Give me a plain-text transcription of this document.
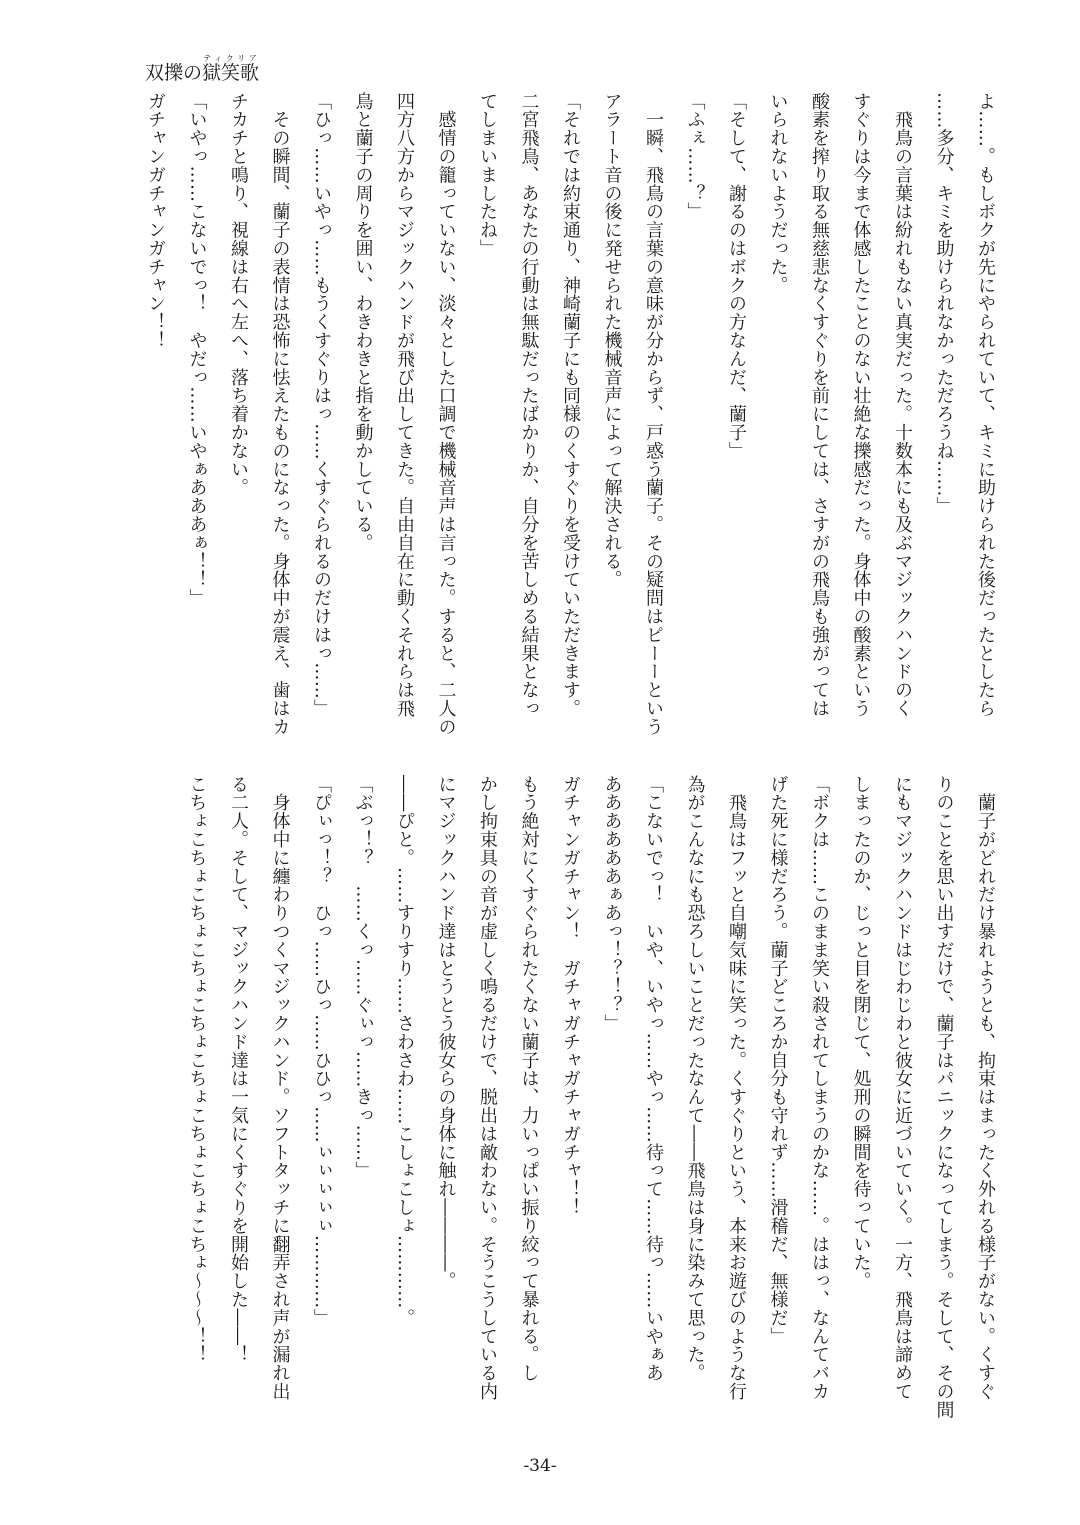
双擽の獄笑歌ティクリア
よ……。もしボクが先にやられていて、キミに助けられた後だったとしたら
……多分、キミを助けられなかっただろうね……」
　飛鳥の言葉は紛れもない真実だった。十数本にも及ぶマジックハンドのく
すぐりは今まで体感したことのない壮絶な擽感だった。身体中の酸素という
酸素を搾り取る無慈悲なくすぐりを前にしては、さすがの飛鳥も強がっては
いられないようだった。
「そして、謝るのはボクの方なんだ、蘭子」
「ふぇ……？」
　一瞬、飛鳥の言葉の意味が分からず、戸惑う蘭子。その疑問はピーーという
アラート音の後に発せられた機械音声によって解決される。
「それでは約束通り、神崎蘭子にも同様のくすぐりを受けていただきます。
二宮飛鳥、あなたの行動は無駄だったばかりか、自分を苦しめる結果となっ
てしまいましたね」
　感情の籠っていない、淡々とした口調で機械音声は言った。すると、二人の
四方八方からマジックハンドが飛び出してきた。自由自在に動くそれらは飛
鳥と蘭子の周りを囲い、わきわきと指を動かしている。
「ひっ……いやっ……もうくすぐりはっ……くすぐられるのだけはっ……」
　その瞬間、蘭子の表情は恐怖に怯えたものになった。身体中が震え、歯はカ
チカチと鳴り、視線は右へ左へ、落ち着かない。
「いやっ……こないでっ！　やだっ……いやぁあああぁ！！」
ガチャンガチャンガチャン！！
　蘭子がどれだけ暴れようとも、拘束はまったく外れる様子がない。くすぐ
りのことを思い出すだけで、蘭子はパニックになってしまう。そして、その間
にもマジックハンドはじわじわと彼女に近づいていく。一方、飛鳥は諦めて
しまったのか、じっと目を閉じて、処刑の瞬間を待っていた。
「ボクは……このまま笑い殺されてしまうのかな……。ははっ、なんてバカ
げた死に様だろう。蘭子どころか自分も守れず……滑稽だ、無様だ」
　飛鳥はフッと自嘲気味に笑った。くすぐりという、本来お遊びのような行
為がこんなにも恐ろしいことだったなんて――飛鳥は身に染みて思った。
「こないでっ！　いや、いやっ……やっ……待って……待っ……いやぁあ
ああああああぁあっ！？！？」
ガチャンガチャン！　ガチャガチャガチャガチャ！！
もう絶対にくすぐられたくない蘭子は、力いっぱい振り絞って暴れる。し
かし拘束具の音が虚しく鳴るだけで、脱出は敵わない。そうこうしている内
にマジックハンド達はとうとう彼女らの身体に触れ――――。
――ぴと。……すりすり……さわさわ……こしょこしょ…………。
「ぶっ！？　……くっ……ぐぃっ……きっ……」
「ぴぃっ！？　ひっ……ひっ……ひひっ……ぃぃぃぃぃ…………」
　身体中に纏わりつくマジックハンド。ソフトタッチに翻弄され声が漏れ出
る二人。そして、マジックハンド達は一気にくすぐりを開始した――！
こちょこちょこちょこちょこちょこちょこちょこちょこちょ～～～！！
-34-
